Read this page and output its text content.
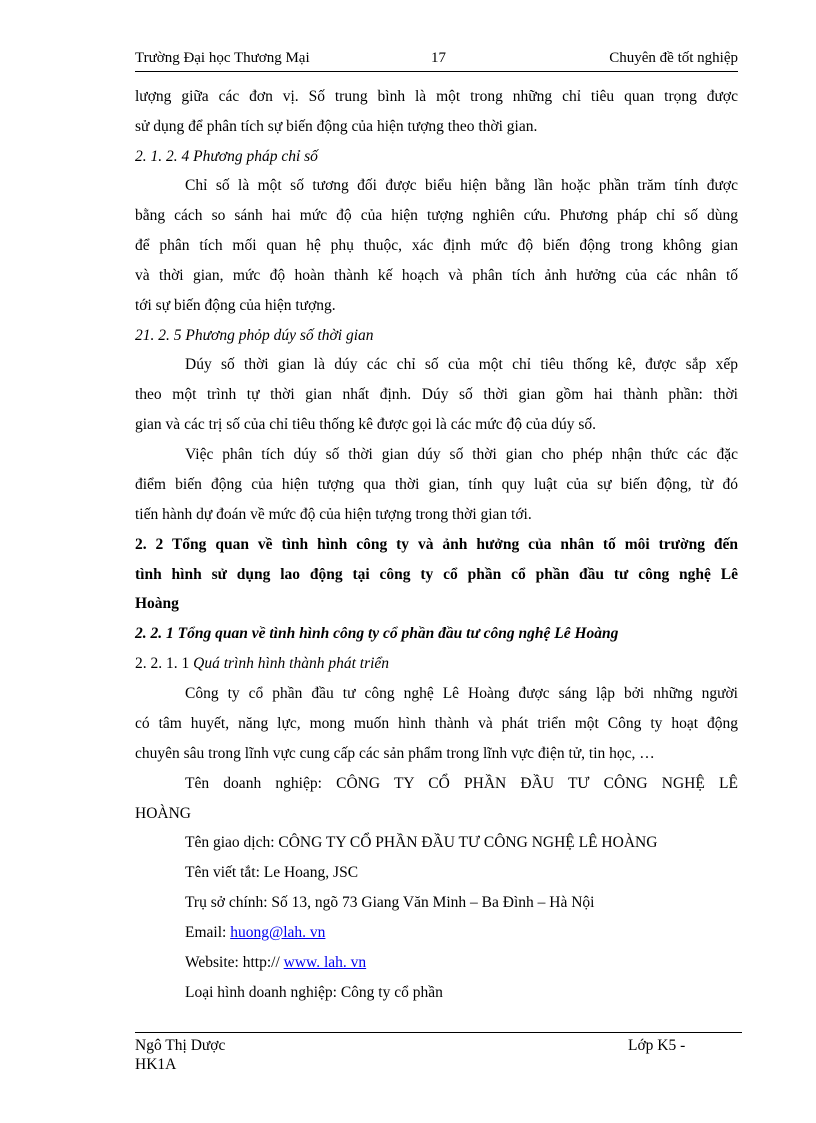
Trường Đại học Thương Mại	17	Chuyên đề tốt nghiệp
lượng giữa các đơn vị. Số trung bình là một trong những chỉ tiêu quan trọng được
sử dụng để phân tích sự biến động của hiện tượng theo thời gian.
2. 1. 2. 4 Phương pháp chỉ số
Chỉ số là một số tương đối được biểu hiện bằng lần hoặc phần trăm tính được
bằng cách so sánh hai mức độ của hiện tượng nghiên cứu. Phương pháp chỉ số dùng
để phân tích mối quan hệ phụ thuộc, xác định mức độ biến động trong không gian
và thời gian, mức độ hoàn thành kế hoạch và phân tích ảnh hưởng của các nhân tố
tới sự biến động của hiện tượng.
21. 2. 5 Phương phỏp dúy số thời gian
Dúy số thời gian là dúy các chỉ số của một chỉ tiêu thống kê, được sắp xếp
theo một trình tự thời gian nhất định. Dúy số thời gian gồm hai thành phần: thời
gian và các trị số của chỉ tiêu thống kê được gọi là các mức độ của dúy số.
Việc phân tích dúy số thời gian dúy số thời gian cho phép nhận thức các đặc
điểm biến động của hiện tượng qua thời gian, tính quy luật của sự biến động, từ đó
tiến hành dự đoán về mức độ của hiện tượng trong thời gian tới.
2. 2 Tổng quan về tình hình công ty và ảnh hưởng của nhân tố môi trường đến
tình hình sử dụng lao động tại công ty cổ phần cổ phần đầu tư công nghệ Lê
Hoàng
2. 2. 1 Tổng quan về tình hình công ty cổ phần đầu tư công nghệ Lê Hoàng
2. 2. 1. 1 Quá trình hình thành phát triển
Công ty cổ phần đầu tư công nghệ Lê Hoàng được sáng lập bởi những người
có tâm huyết, năng lực, mong muốn hình thành và phát triển một Công ty hoạt động
chuyên sâu trong lĩnh vực cung cấp các sản phẩm trong lĩnh vực điện tử, tin học, …
Tên doanh nghiệp: CÔNG TY CỔ PHẦN ĐẦU TƯ CÔNG NGHỆ LÊ
HOÀNG
Tên giao dịch: CÔNG TY CỔ PHẦN ĐẦU TƯ CÔNG NGHỆ LÊ HOÀNG
Tên viết tắt: Le Hoang, JSC
Trụ sở chính: Số 13, ngõ 73 Giang Văn Minh – Ba Đình – Hà Nội
Email: huong@lah. vn
Website: http:// www. lah. vn
Loại hình doanh nghiệp: Công ty cổ phần
Ngô Thị Dược	Lớp K5 -
HK1A
